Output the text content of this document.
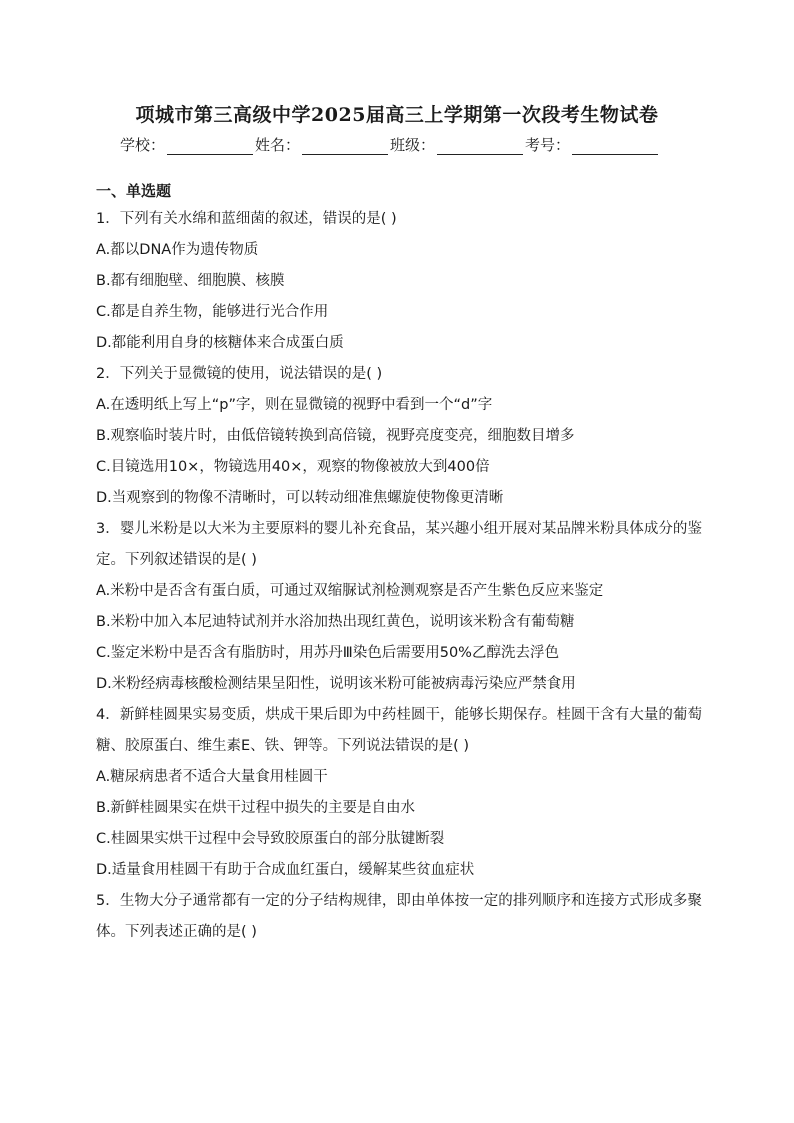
项城市第三高级中学2025届高三上学期第一次段考生物试卷
学校：	姓名：	班级：	考号：
一、单选题
1．下列有关水绵和蓝细菌的叙述，错误的是( )
A.都以DNA作为遗传物质
B.都有细胞壁、细胞膜、核膜
C.都是自养生物，能够进行光合作用
D.都能利用自身的核糖体来合成蛋白质
2．下列关于显微镜的使用，说法错误的是( )
A.在透明纸上写上“p”字，则在显微镜的视野中看到一个“d”字
B.观察临时装片时，由低倍镜转换到高倍镜，视野亮度变亮，细胞数目增多
C.目镜选用10×，物镜选用40×，观察的物像被放大到400倍
D.当观察到的物像不清晰时，可以转动细准焦螺旋使物像更清晰
3．婴儿米粉是以大米为主要原料的婴儿补充食品，某兴趣小组开展对某品牌米粉具体成分的鉴定。下列叙述错误的是( )
A.米粉中是否含有蛋白质，可通过双缩脲试剂检测观察是否产生紫色反应来鉴定
B.米粉中加入本尼迪特试剂并水浴加热出现红黄色，说明该米粉含有葡萄糖
C.鉴定米粉中是否含有脂肪时，用苏丹Ⅲ染色后需要用50%乙醇洗去浮色
D.米粉经病毒核酸检测结果呈阳性，说明该米粉可能被病毒污染应严禁食用
4．新鲜桂圆果实易变质，烘成干果后即为中药桂圆干，能够长期保存。桂圆干含有大量的葡萄糖、胶原蛋白、维生素E、铁、钾等。下列说法错误的是( )
A.糖尿病患者不适合大量食用桂圆干
B.新鲜桂圆果实在烘干过程中损失的主要是自由水
C.桂圆果实烘干过程中会导致胶原蛋白的部分肽键断裂
D.适量食用桂圆干有助于合成血红蛋白，缓解某些贫血症状
5．生物大分子通常都有一定的分子结构规律，即由单体按一定的排列顺序和连接方式形成多聚体。下列表述正确的是( )
